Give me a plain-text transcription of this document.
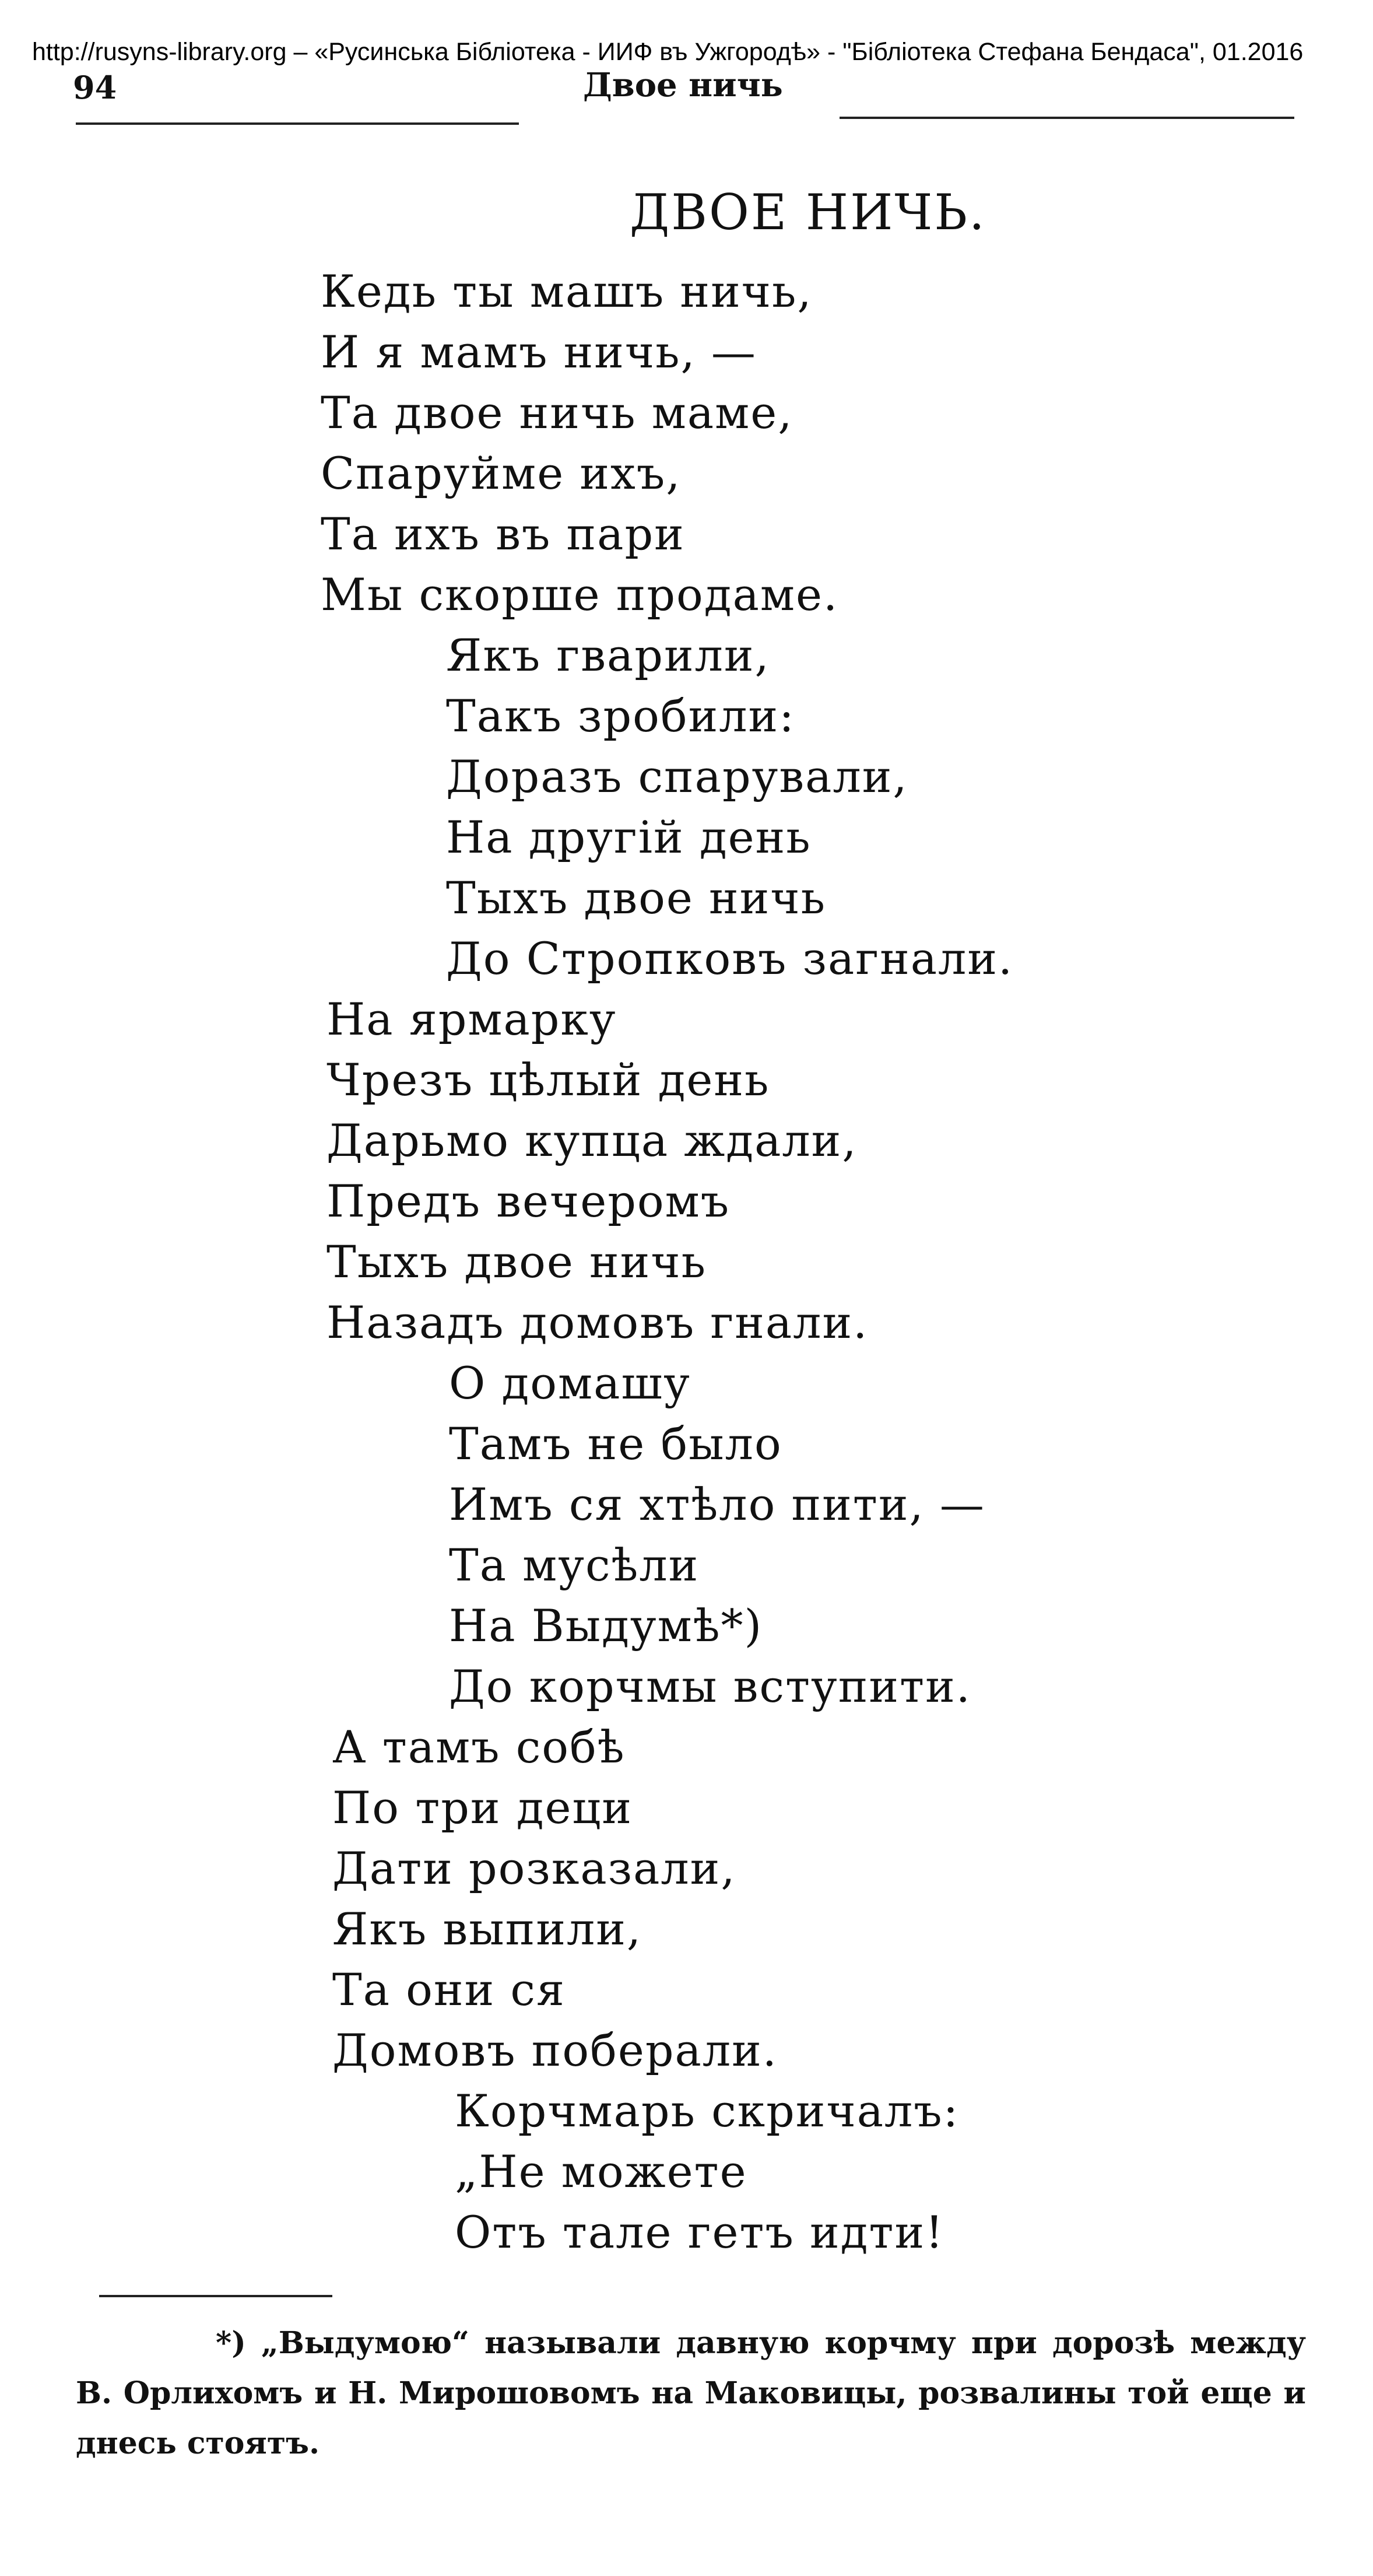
http://rusyns-library.org – «Русинська Бібліотека - ИИФ въ Ужгородѣ» - "Бібліотека Стефана Бендаса", 01.2016
94	Двое ничь
ДВОЕ НИЧЬ.
Кедь ты машъ ничь,
И я мамъ ничь, —
Та двое ничь маме,
Спаруйме ихъ,
Та ихъ въ пари
Мы скорше продаме.
Якъ гварили,
Такъ зробили:
Доразъ спарували,
На другій день
Тыхъ двое ничь
До Стропковъ загнали.
На ярмарку
Чрезъ цѣлый день
Дарьмо купца ждали,
Предъ вечеромъ
Тыхъ двое ничь
Назадъ домовъ гнали.
О домашу
Тамъ не было
Имъ ся хтѣло пити, —
Та мусѣли
На Выдумѣ*)
До корчмы вступити.
А тамъ собѣ
По три деци
Дати розказали,
Якъ выпили,
Та они ся
Домовъ поберали.
Корчмарь скричалъ:
„Не можете
Отъ тале гетъ идти!
*) „Выдумою“ называли давную корчму при дорозѣ между В. Орлихомъ и Н. Мирошовомъ на Маковицы, розвалины той еще и днесь стоятъ.
